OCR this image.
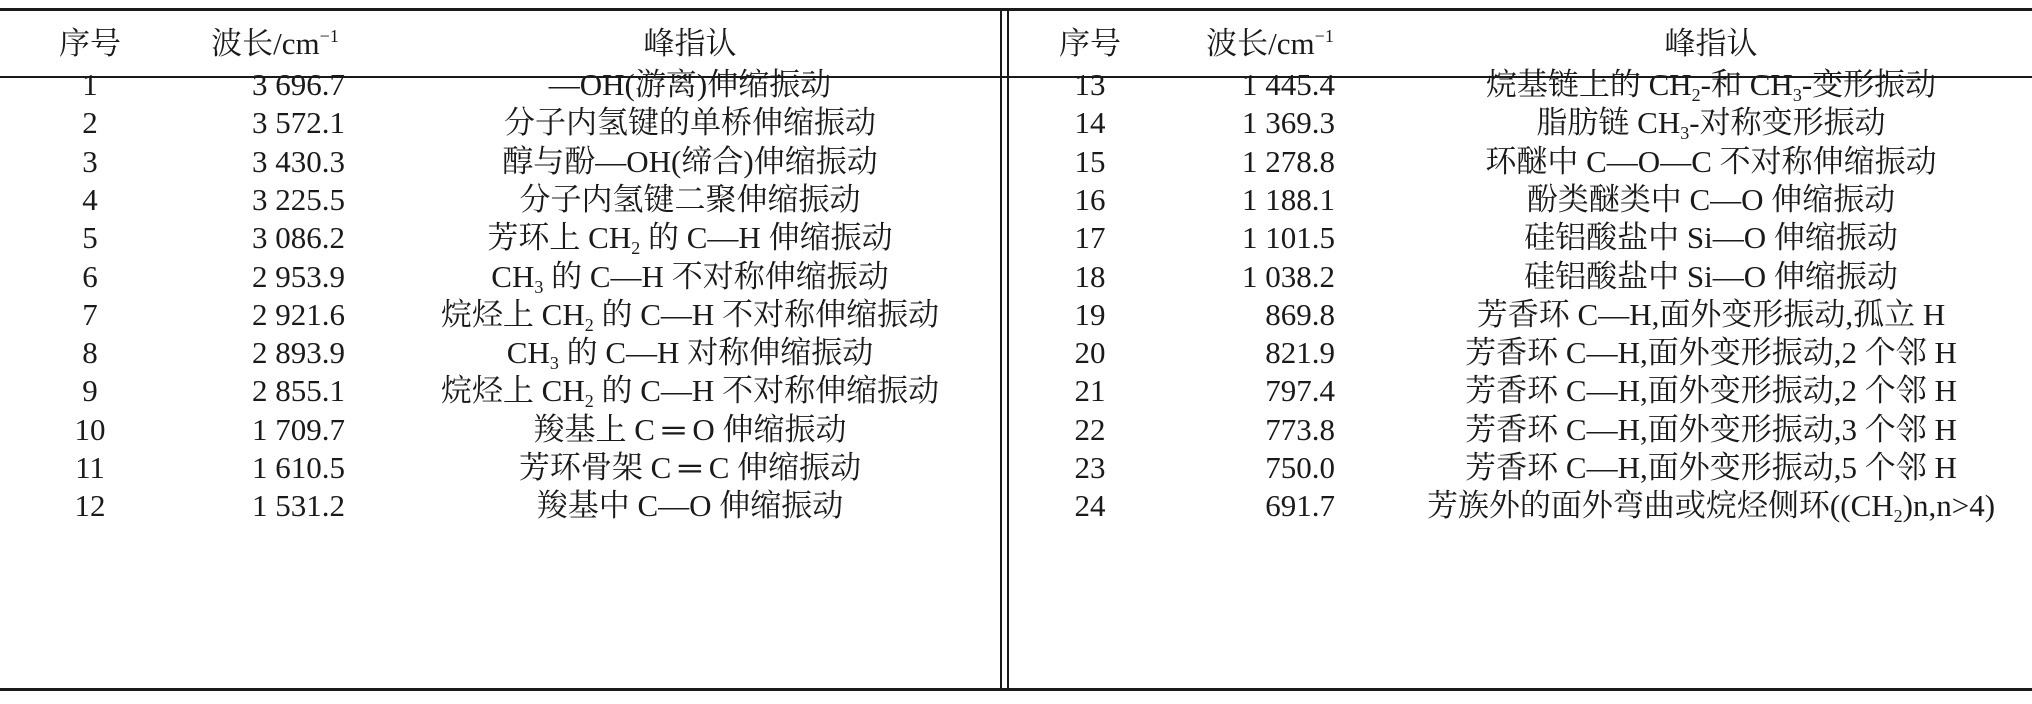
序号	波长$/cm^{-1}$	峰指认	序号	波长$/cm^{-1}$	峰指认
1	3 696.7	—OH(游离)伸缩振动
2	3 572.1	分子内氢键的单桥伸缩振动
3	3 430.3	醇与酚—OH(缔合)伸缩振动
4	3 225.5	分子内氢键二聚伸缩振动
5	3 086.2	芳环上 $CH_2$ 的 C—H 伸缩振动
6	2 953.9	$CH_3$ 的 C—H 不对称伸缩振动
7	2 921.6	烷烃上 $CH_2$ 的 C—H 不对称伸缩振动
8	2 893.9	$CH_3$ 的 C—H 对称伸缩振动
9	2 855.1	烷烃上 $CH_2$ 的 C—H 不对称伸缩振动
10	1 709.7	羧基上 C ═ O 伸缩振动
11	1 610.5	芳环骨架 C ═ C 伸缩振动
12	1 531.2	羧基中 C—O 伸缩振动
13	1 445.4	烷基链上的 $CH_2-$和 $CH_3-$变形振动
14	1 369.3	脂肪链 $CH_3-$对称变形振动
15	1 278.8	环醚中 C—O—C 不对称伸缩振动
16	1 188.1	酚类醚类中 C—O 伸缩振动
17	1 101.5	硅铝酸盐中 Si—O 伸缩振动
18	1 038.2	硅铝酸盐中 Si—O 伸缩振动
19	869.8	芳香环 C—H,面外变形振动,孤立 H
20	821.9	芳香环 C—H,面外变形振动,2 个邻 H
21	797.4	芳香环 C—H,面外变形振动,2 个邻 H
22	773.8	芳香环 C—H,面外变形振动,3 个邻 H
23	750.0	芳香环 C—H,面外变形振动,5 个邻 H
24	691.7	芳族外的面外弯曲或烷烃侧环$((CH_2)n,n>4)$
